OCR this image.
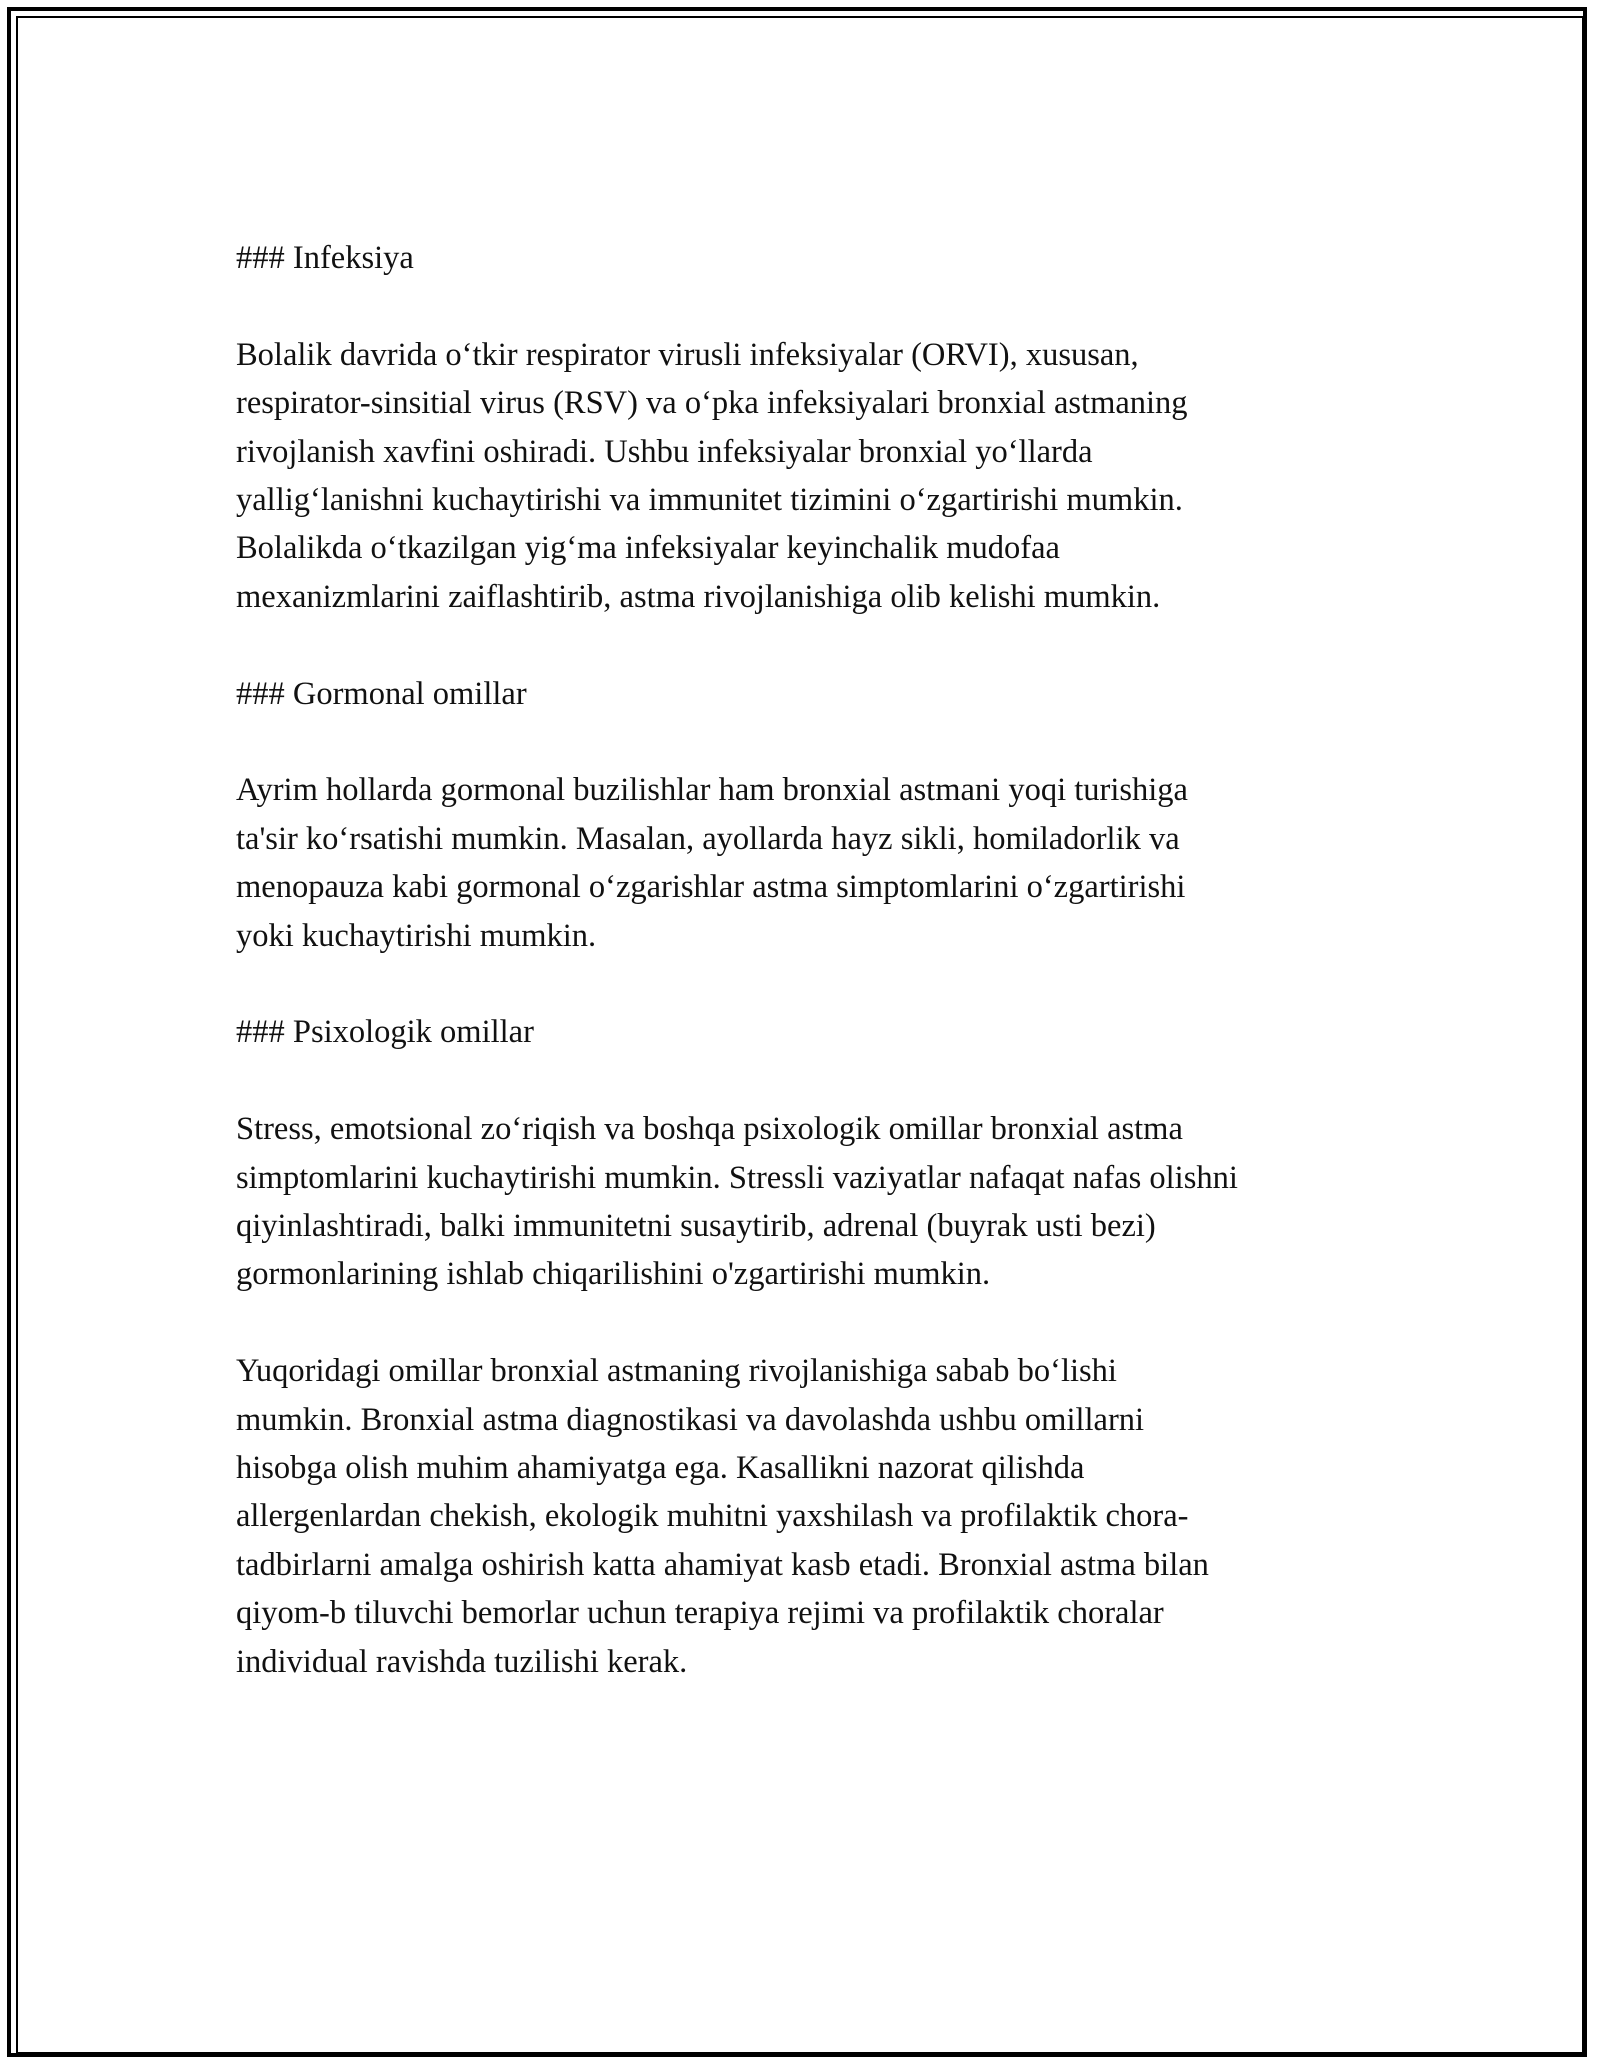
### Infeksiya
Bolalik davrida o‘tkir respirator virusli infeksiyalar (ORVI), xususan,
respirator-sinsitial virus (RSV) va o‘pka infeksiyalari bronxial astmaning
rivojlanish xavfini oshiradi. Ushbu infeksiyalar bronxial yo‘llarda
yallig‘lanishni kuchaytirishi va immunitet tizimini o‘zgartirishi mumkin.
Bolalikda o‘tkazilgan yig‘ma infeksiyalar keyinchalik mudofaa
mexanizmlarini zaiflashtirib, astma rivojlanishiga olib kelishi mumkin.
### Gormonal omillar
Ayrim hollarda gormonal buzilishlar ham bronxial astmani yoqi turishiga
ta'sir ko‘rsatishi mumkin. Masalan, ayollarda hayz sikli, homiladorlik va
menopauza kabi gormonal o‘zgarishlar astma simptomlarini o‘zgartirishi
yoki kuchaytirishi mumkin.
### Psixologik omillar
Stress, emotsional zo‘riqish va boshqa psixologik omillar bronxial astma
simptomlarini kuchaytirishi mumkin. Stressli vaziyatlar nafaqat nafas olishni
qiyinlashtiradi, balki immunitetni susaytirib, adrenal (buyrak usti bezi)
gormonlarining ishlab chiqarilishini o'zgartirishi mumkin.
Yuqoridagi omillar bronxial astmaning rivojlanishiga sabab bo‘lishi
mumkin. Bronxial astma diagnostikasi va davolashda ushbu omillarni
hisobga olish muhim ahamiyatga ega. Kasallikni nazorat qilishda
allergenlardan chekish, ekologik muhitni yaxshilash va profilaktik chora-
tadbirlarni amalga oshirish katta ahamiyat kasb etadi. Bronxial astma bilan
qiyom-b tiluvchi bemorlar uchun terapiya rejimi va profilaktik choralar
individual ravishda tuzilishi kerak.
